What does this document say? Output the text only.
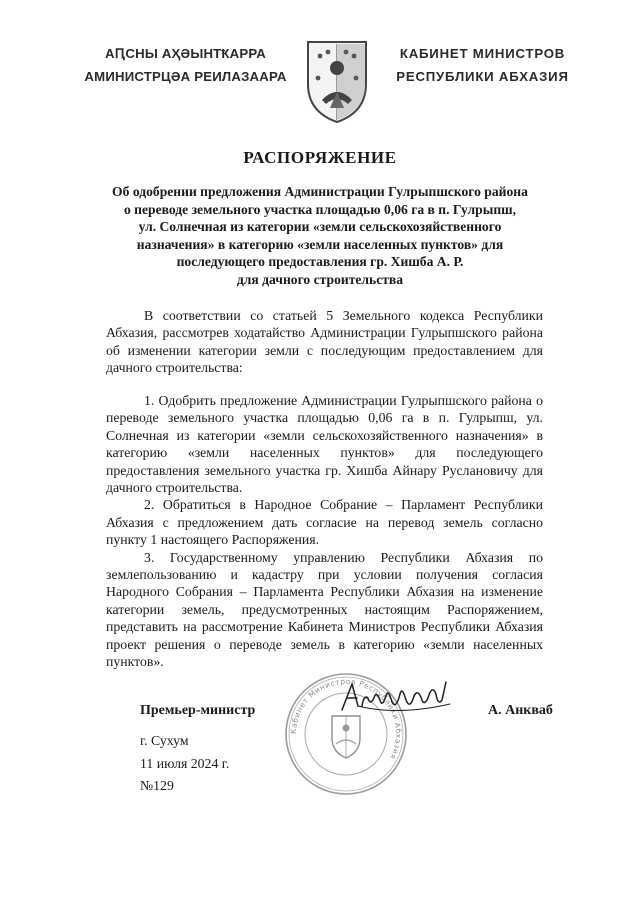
АԤСНЫ АҲӘЫНТҞАРРА
АМИНИСТРЦӘА РЕИЛАЗААРА
КАБИНЕТ МИНИСТРОВ
РЕСПУБЛИКИ АБХАЗИЯ
РАСПОРЯЖЕНИЕ
Об одобрении предложения Администрации Гулрыпшского района
о переводе земельного участка площадью 0,06 га в п. Гулрыпш,
ул. Солнечная из категории «земли сельскохозяйственного
назначения» в категорию «земли населенных пунктов» для
последующего предоставления гр. Хишба А. Р.
для дачного строительства

В соответствии со статьей 5 Земельного кодекса Республики Абхазия, рассмотрев ходатайство Администрации Гулрыпшского района об изменении категории земли с последующим предоставлением для дачного строительства:

1. Одобрить предложение Администрации Гулрыпшского района о переводе земельного участка площадью 0,06 га в п. Гулрыпш, ул. Солнечная из категории «земли сельскохозяйственного назначения» в категорию «земли населенных пунктов» для последующего предоставления земельного участка гр. Хишба Айнару Руслановичу для дачного строительства.

2. Обратиться в Народное Собрание – Парламент Республики Абхазия с предложением дать согласие на перевод земель согласно пункту 1 настоящего Распоряжения.

3. Государственному управлению Республики Абхазия по землепользованию и кадастру при условии получения согласия Народного Собрания – Парламента Республики Абхазия на изменение категории земель, предусмотренных настоящим Распоряжением, представить на рассмотрение Кабинета Министров Республики Абхазия проект решения о переводе земель в категорию «земли населенных пунктов».

Кабинет Министров Республики Абхазия
Премьер-министр	А. Анкваб
г. Сухум
11 июля 2024 г.
№129
